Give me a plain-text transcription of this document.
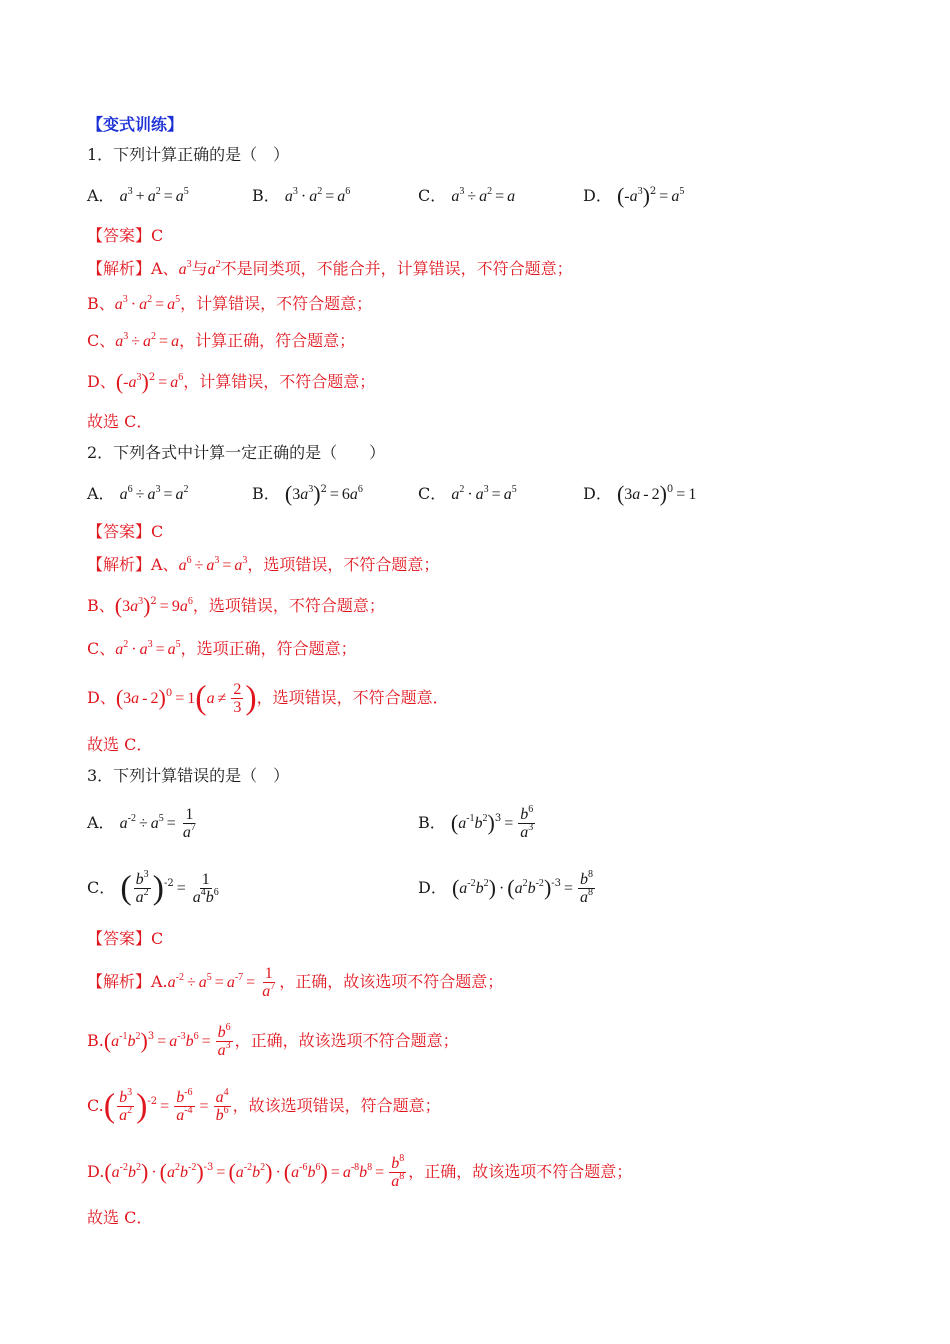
【变式训练】
1．下列计算正确的是（　）
A． $a^3 + a^2 = a^5$	B． $a^3 \cdot a^2 = a^6$	C． $a^3 \div a^2 = a$	D． $(-a^3)^2 = a^5$
【答案】C
【解析】A、$a^3$与$a^2$不是同类项，不能合并，计算错误，不符合题意；
B、$a^3 \cdot a^2 = a^5$，计算错误，不符合题意；
C、$a^3 \div a^2 = a$，计算正确，符合题意；
D、$(-a^3)^2 = a^6$，计算错误，不符合题意；
故选 C．
2．下列各式中计算一定正确的是（　　）
A． $a^6 \div a^3 = a^2$	B． $(3a^3)^2 = 6a^6$	C． $a^2 \cdot a^3 = a^5$	D． (3a - 2)$^0$ = 1
【答案】C
【解析】A、$a^6 \div a^3 = a^3$，选项错误，不符合题意；
B、$(3a^3)^2 = 9a^6$，选项错误，不符合题意；
C、$a^2 \cdot a^3 = a^5$，选项正确，符合题意；
D、$(3a - 2)^0 = 1(a \ne \frac{2}{3}$ )，选项错误，不符合题意．
故选 C．
3．下列计算错误的是（　）
A． $a^{-2} \div a^5 = \frac{1}{a^7}$	B． $(a^{-1}b^2)^3 = \frac{b^6}{a^3}$
C． ( $\frac{b^3}{a^2} )^{-2} = \frac{1}{a^4b^6}$	D． $(a^{-2}b^2) \cdot (a^2b^{-2})^{-3} = \frac{b^8}{a^8}$
【答案】C
【解析】$A.a^{-2} \div a^5 = a^{-7} = \frac{1}{a^7}$ ，正确，故该选项不符合题意；
$B.(a^{-1}b^2)^3 = a^{-3}b^6 = \frac{b^6}{a^3}$ ，正确，故该选项不符合题意；
$C.( \frac{b^3}{a^2} )^{-2} = \frac{b^{-6}}{a^{-4}} = \frac{a^4}{b^6}$ ，故该选项错误，符合题意；
$D.(a^{-2}b^2) \cdot (a^2b^{-2})^{-3} = (a^{-2}b^2) \cdot (a^{-6}b^6) = a^{-8}b^8 = \frac{b^8}{a^8}$ ，正确，故该选项不符合题意；
故选 C．
